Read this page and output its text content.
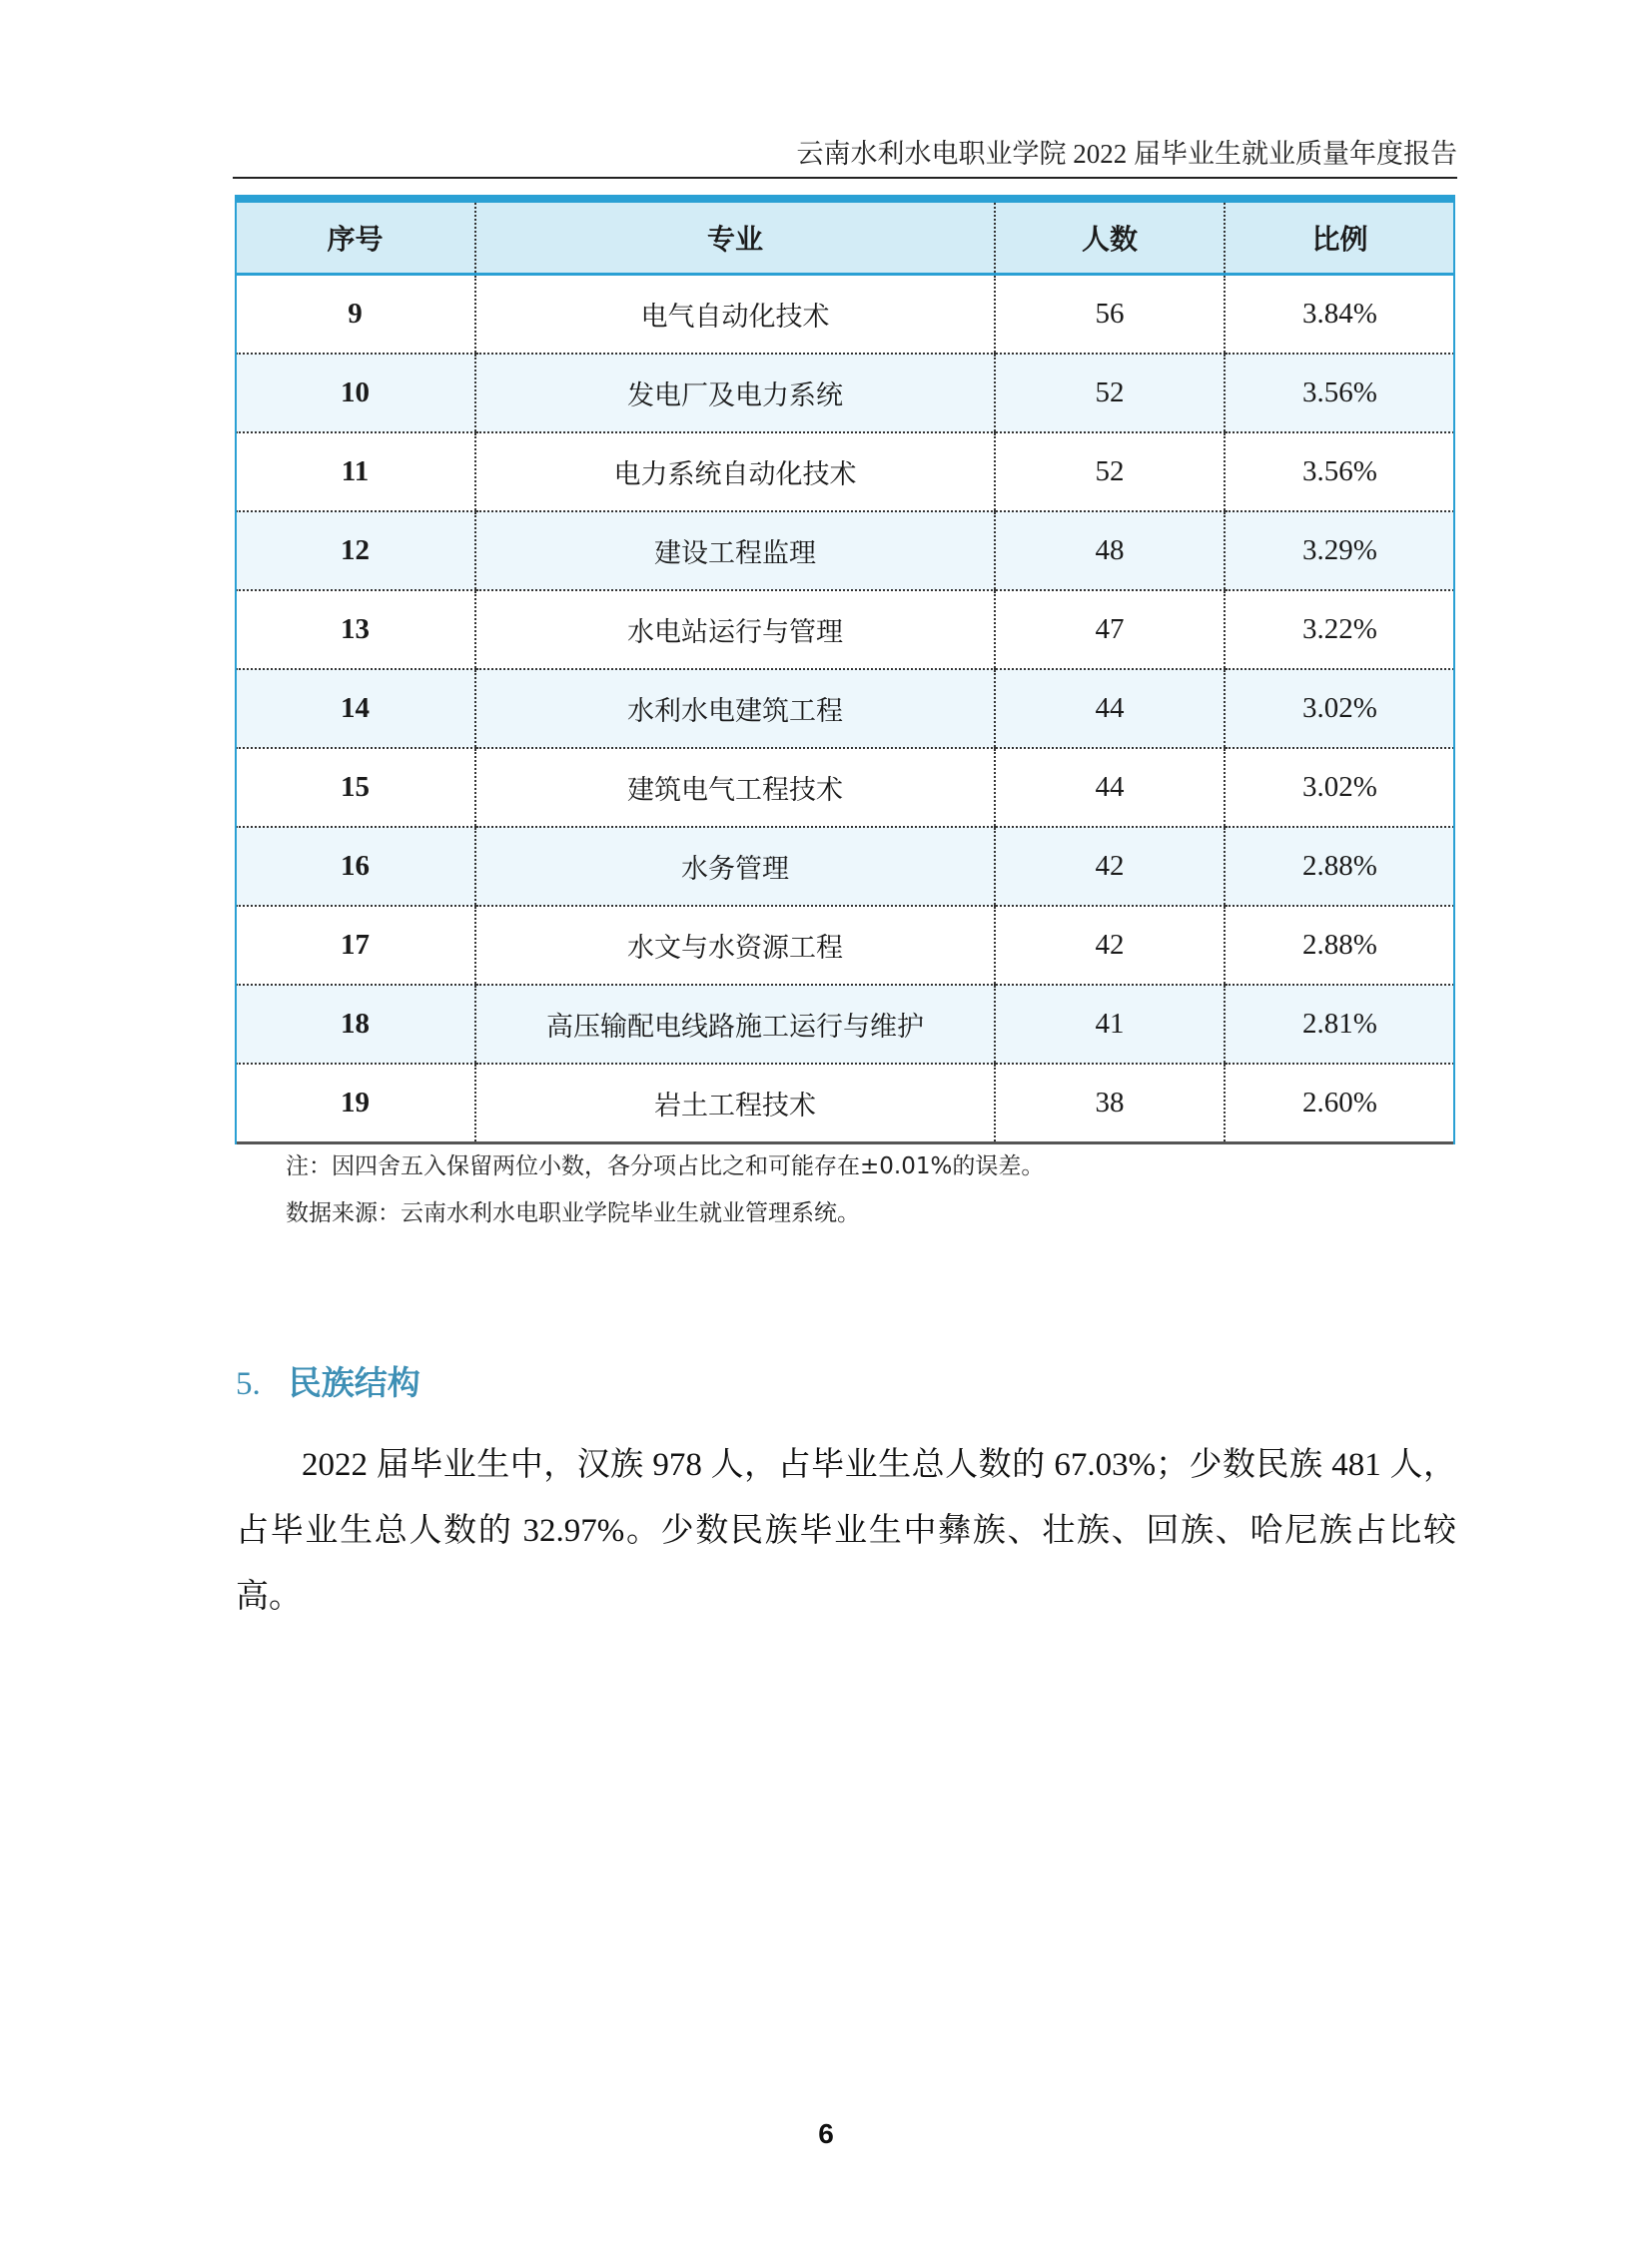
云南水利水电职业学院 2022 届毕业生就业质量年度报告
序号	专业	人数	比例
9	电气自动化技术	56	3.84%
10	发电厂及电力系统	52	3.56%
11	电力系统自动化技术	52	3.56%
12	建设工程监理	48	3.29%
13	水电站运行与管理	47	3.22%
14	水利水电建筑工程	44	3.02%
15	建筑电气工程技术	44	3.02%
16	水务管理	42	2.88%
17	水文与水资源工程	42	2.88%
18	高压输配电线路施工运行与维护	41	2.81%
19	岩土工程技术	38	2.60%
注：因四舍五入保留两位小数，各分项占比之和可能存在±0.01%的误差。
数据来源：云南水利水电职业学院毕业生就业管理系统。
5. 民族结构
2022 届毕业生中，汉族 978 人，占毕业生总人数的 67.03%；少数民族 481 人，占毕业生总人数的 32.97%。少数民族毕业生中彝族、壮族、回族、哈尼族占比较高。
6
